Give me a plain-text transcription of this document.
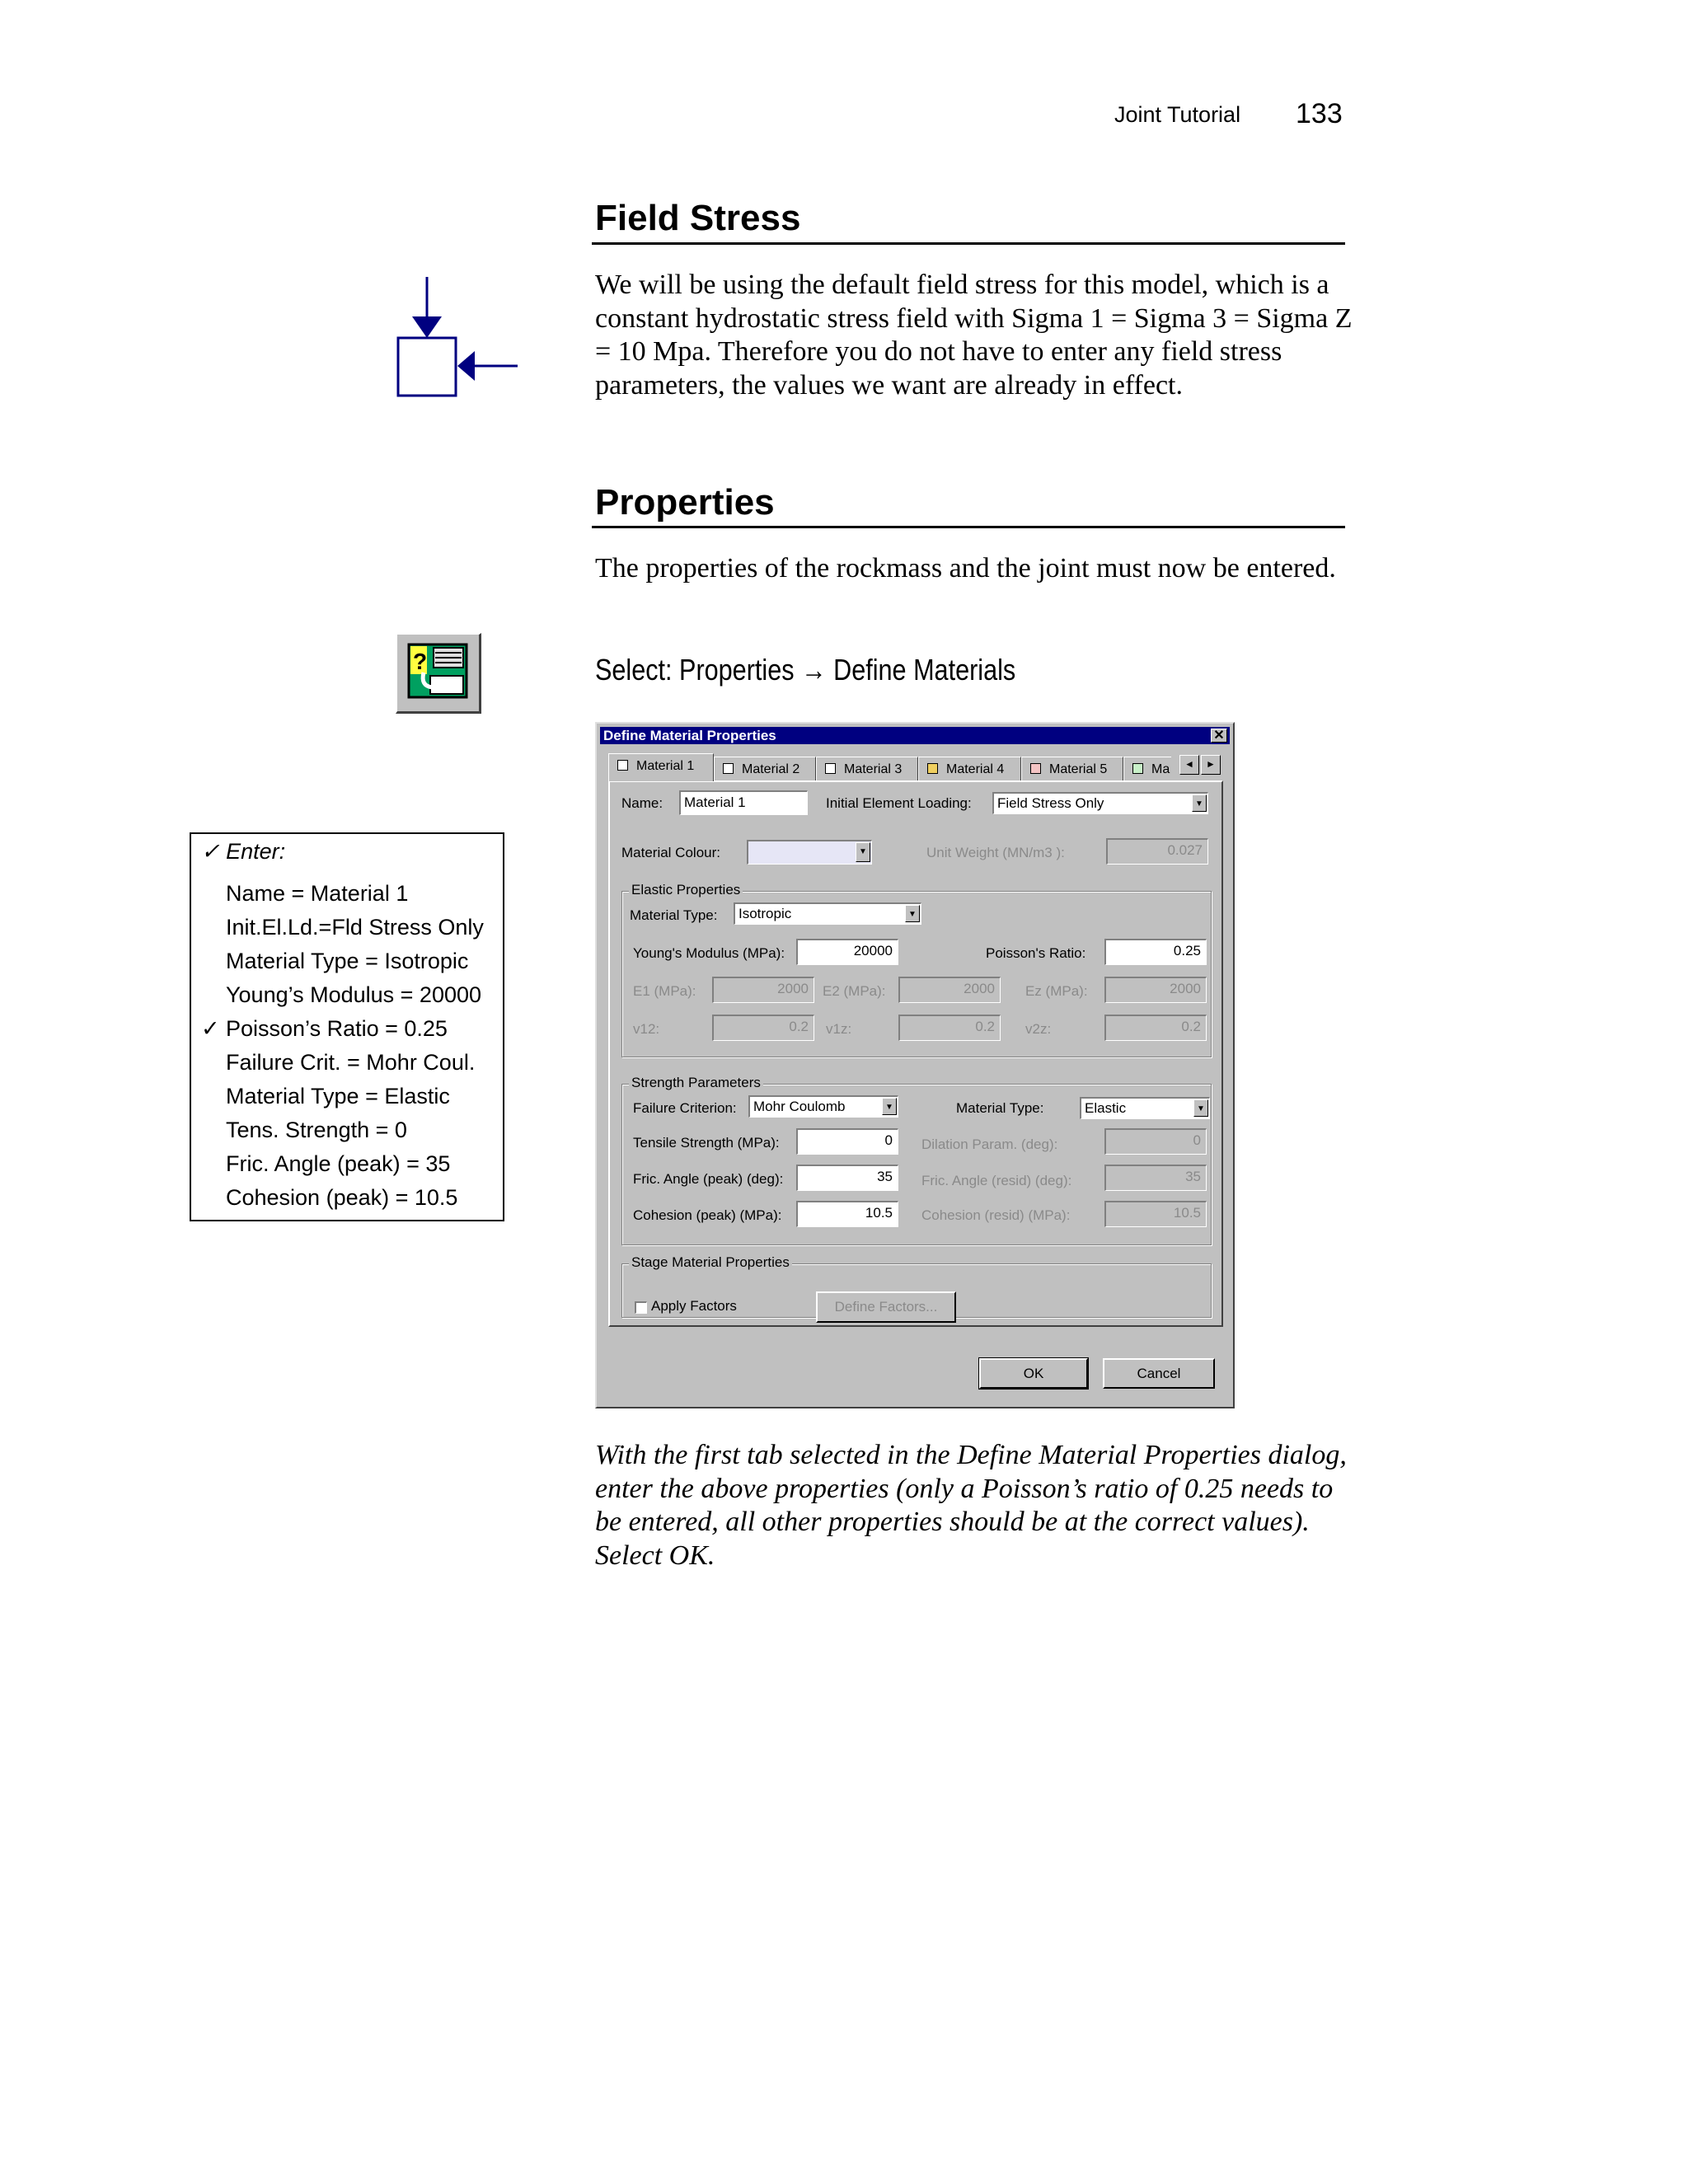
Joint Tutorial 133
Field Stress
We will be using the default field stress for this model, which is a constant hydrostatic stress field with Sigma 1 = Sigma 3 = Sigma Z = 10 Mpa. Therefore you do not have to enter any field stress parameters, the values we want are already in effect.
Properties
The properties of the rockmass and the joint must now be entered.
?	Select: Properties → Define Materials
✓ Enter:
Name = Material 1
Init.El.Ld.=Fld Stress Only
Material Type = Isotropic
Young’s Modulus = 20000
✓ Poisson’s Ratio = 0.25
Failure Crit. = Mohr Coul.
Material Type = Elastic
Tens. Strength = 0
Fric. Angle (peak) = 35
Cohesion (peak) = 10.5
Define Material Properties	✕
Material 1	Material 2	Material 3	Material 4	Material 5	Ma	◄	►
Name:	Material 1	Initial Element Loading:	Field Stress Only	▼
Material Colour:	▼	Unit Weight (MN/m3 ):	0.027
Elastic Properties
Material Type:	Isotropic	▼
Young's Modulus (MPa):	20000	Poisson's Ratio:	0.25
E1 (MPa):	2000	E2 (MPa):	2000	Ez (MPa):	2000
v12:	0.2	v1z:	0.2	v2z:	0.2
Strength Parameters
Failure Criterion:	Mohr Coulomb	▼	Material Type:	Elastic	▼
Tensile Strength (MPa):	0	Dilation Param. (deg):	0
Fric. Angle (peak) (deg):	35	Fric. Angle (resid) (deg):	35
Cohesion (peak) (MPa):	10.5	Cohesion (resid) (MPa):	10.5
Stage Material Properties
Apply Factors	Define Factors...
OK	Cancel
With the first tab selected in the Define Material Properties dialog, enter the above properties (only a Poisson’s ratio of 0.25 needs to be entered, all other properties should be at the correct values). Select OK.
